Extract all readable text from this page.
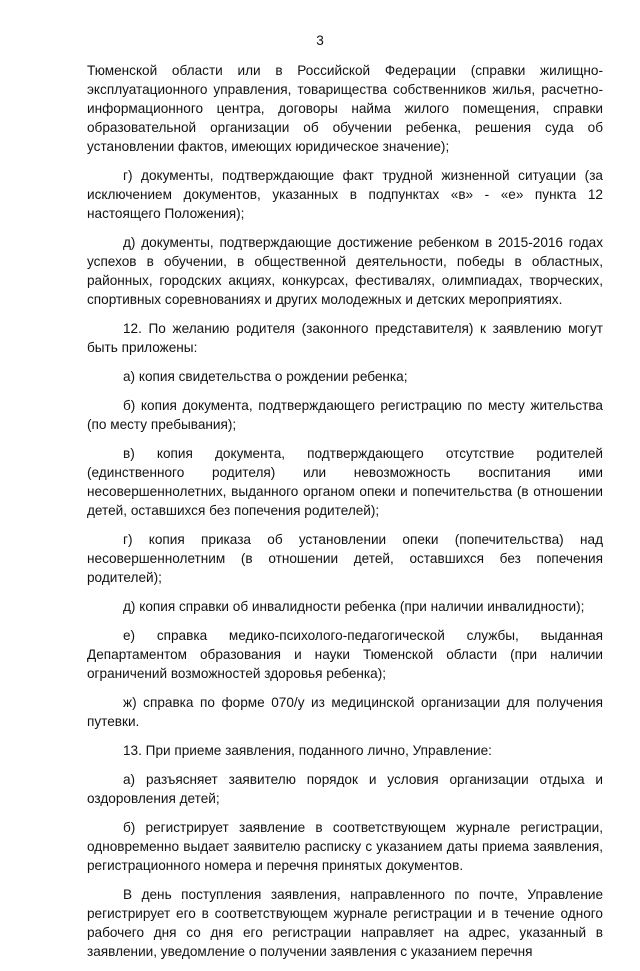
3

Тюменской области или в Российской Федерации (справки жилищно-эксплуатационного управления, товарищества собственников жилья, расчетно-информационного центра, договоры найма жилого помещения, справки образовательной организации об обучении ребенка, решения суда об установлении фактов, имеющих юридическое значение);

г) документы, подтверждающие факт трудной жизненной ситуации (за исключением документов, указанных в подпунктах «в» - «е» пункта 12 настоящего Положения);

д) документы, подтверждающие достижение ребенком в 2015-2016 годах успехов в обучении, в общественной деятельности, победы в областных, районных, городских акциях, конкурсах, фестивалях, олимпиадах, творческих, спортивных соревнованиях и других молодежных и детских мероприятиях.

12. По желанию родителя (законного представителя) к заявлению могут быть приложены:

а) копия свидетельства о рождении ребенка;

б) копия документа, подтверждающего регистрацию по месту жительства (по месту пребывания);

в) копия документа, подтверждающего отсутствие родителей (единственного родителя) или невозможность воспитания ими несовершеннолетних, выданного органом опеки и попечительства (в отношении детей, оставшихся без попечения родителей);

г) копия приказа об установлении опеки (попечительства) над несовершеннолетним (в отношении детей, оставшихся без попечения родителей);

д) копия справки об инвалидности ребенка (при наличии инвалидности);

е) справка медико-психолого-педагогической службы, выданная Департаментом образования и науки Тюменской области (при наличии ограничений возможностей здоровья ребенка);

ж) справка по форме 070/у из медицинской организации для получения путевки.

13. При приеме заявления, поданного лично, Управление:

а) разъясняет заявителю порядок и условия организации отдыха и оздоровления детей;

б) регистрирует заявление в соответствующем журнале регистрации, одновременно выдает заявителю расписку с указанием даты приема заявления, регистрационного номера и перечня принятых документов.

В день поступления заявления, направленного по почте, Управление регистрирует его в соответствующем журнале регистрации и в течение одного рабочего дня со дня его регистрации направляет на адрес, указанный в заявлении, уведомление о получении заявления с указанием перечня
